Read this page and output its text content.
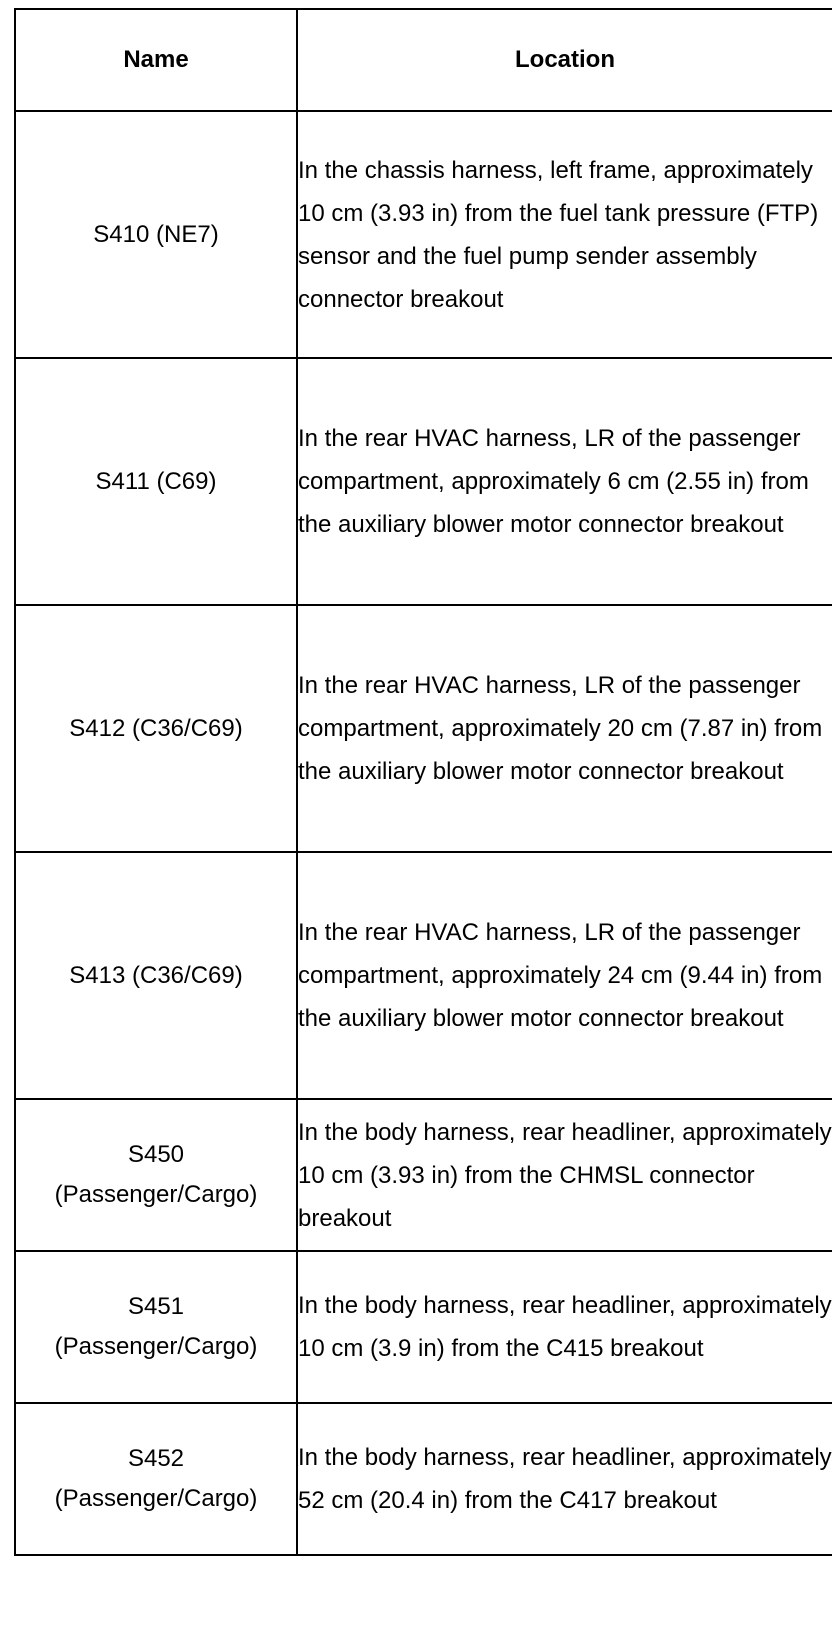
Name	Location

S410 (NE7)	In the chassis harness, left frame, approximately 10 cm (3.93 in) from the fuel tank pressure (FTP) sensor and the fuel pump sender assembly connector breakout

S411 (C69)	In the rear HVAC harness, LR of the passenger compartment, approximately 6 cm (2.55 in) from the auxiliary blower motor connector breakout

S412 (C36/C69)	In the rear HVAC harness, LR of the passenger compartment, approximately 20 cm (7.87 in) from the auxiliary blower motor connector breakout

S413 (C36/C69)	In the rear HVAC harness, LR of the passenger compartment, approximately 24 cm (9.44 in) from the auxiliary blower motor connector breakout

S450
(Passenger/Cargo)	In the body harness, rear headliner, approximately 10 cm (3.93 in) from the CHMSL connector breakout

S451
(Passenger/Cargo)	In the body harness, rear headliner, approximately 10 cm (3.9 in) from the C415 breakout

S452
(Passenger/Cargo)	In the body harness, rear headliner, approximately 52 cm (20.4 in) from the C417 breakout
